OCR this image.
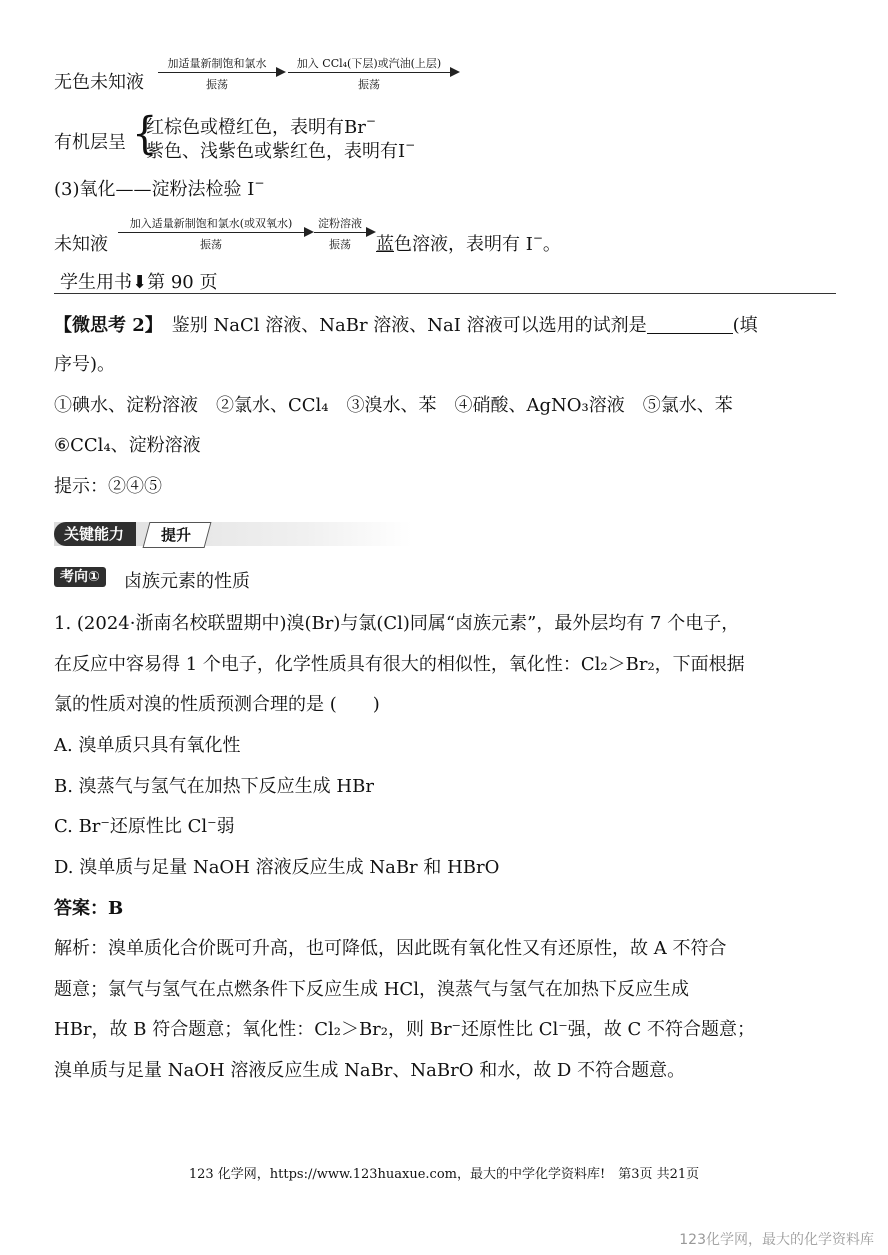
无色未知液
加适量新制饱和氯水
振荡
加入 CCl₄(下层)或汽油(上层)
振荡
有机层呈 {
红棕色或橙红色，表明有Br−
紫色、浅紫色或紫红色，表明有I−
(3)氧化——淀粉法检验 I−
未知液
加入适量新制饱和氯水(或双氧水)
振荡
淀粉溶液
振荡	蓝色溶液，表明有 I−。
学生用书⬇第 90 页
【微思考 2】　 鉴别 NaCl 溶液、NaBr 溶液、NaI 溶液可以选用的试剂是	(填
序号)。
①碘水、淀粉溶液　②氯水、CCl₄　③溴水、苯　④硝酸、AgNO₃溶液　⑤氯水、苯
⑥CCl₄、淀粉溶液
提示：②④⑤
关键能力	提升
考向①	卤族元素的性质
1. (2024·浙南名校联盟期中)溴(Br)与氯(Cl)同属“卤族元素”，最外层均有 7 个电子，
在反应中容易得 1 个电子，化学性质具有很大的相似性，氧化性：Cl₂＞Br₂，下面根据
氯的性质对溴的性质预测合理的是 (　　)
A. 溴单质只具有氧化性
B. 溴蒸气与氢气在加热下反应生成 HBr
C. Br⁻还原性比 Cl⁻弱
D. 溴单质与足量 NaOH 溶液反应生成 NaBr 和 HBrO
答案：B
解析：溴单质化合价既可升高，也可降低，因此既有氧化性又有还原性，故 A 不符合
题意；氯气与氢气在点燃条件下反应生成 HCl，溴蒸气与氢气在加热下反应生成
HBr，故 B 符合题意；氧化性：Cl₂＞Br₂，则 Br⁻还原性比 Cl⁻强，故 C 不符合题意；
溴单质与足量 NaOH 溶液反应生成 NaBr、NaBrO 和水，故 D 不符合题意。
123 化学网，https://www.123huaxue.com，最大的中学化学资料库!　第3页 共21页
123化学网，最大的化学资料库
